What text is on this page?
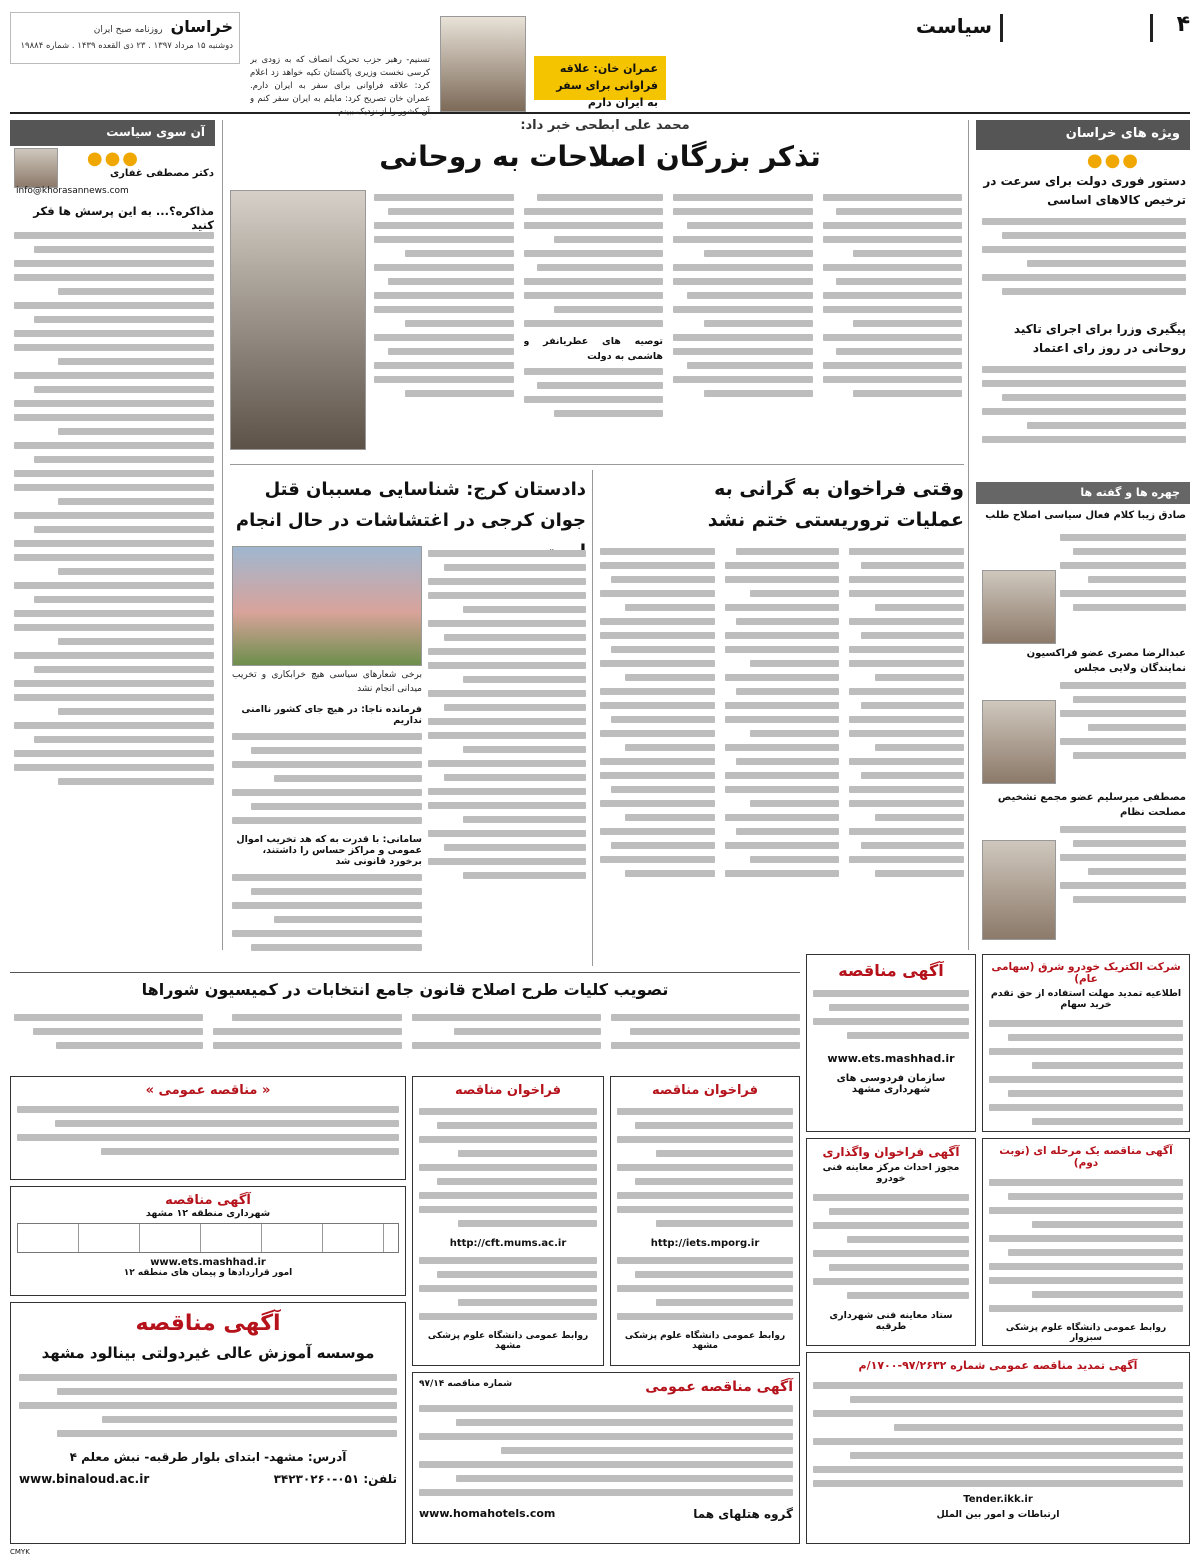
۴
سیاست
خراسان
روزنامه صبح ایران
دوشنبه ۱۵ مرداد ۱۳۹۷ . ۲۳ ذی القعده ۱۴۳۹ . شماره ۱۹۸۸۴
تسنیم- رهبر حزب تحریک انصاف که به زودی بر کرسی نخست وزیری پاکستان تکیه خواهد زد اعلام کرد: علاقه فراوانی برای سفر به ایران دارم. عمران خان تصریح کرد: مایلم به ایران سفر کنم و
عمران خان: علاقه فراوانی برای سفر به ایران دارم
ویژه های خراسان
●●●
دستور فوری دولت برای سرعت در ترخیص کالاهای اساسی
پیگیری وزرا برای اجرای تاکید روحانی در روز رای اعتماد
چهره ها و گفته ها
صادق زیبا کلام فعال سیاسی اصلاح طلب
عبدالرضا مصری عضو فراکسیون نمایندگان ولایی مجلس
مصطفی میرسلیم عضو مجمع تشخیص مصلحت نظام
آن سوی سیاست
●●●
دکتر مصطفی غفاری
info@khorasannews.com
مذاکره؟... به این پرسش ها فکر کنید
محمد علی ابطحی خبر داد:
تذکر بزرگان اصلاحات به روحانی
توصیه های عطریانفر و هاشمی به دولت
وقتی فراخوان به گرانی به عملیات تروریستی ختم نشد
دادستان کرج: شناسایی مسببان قتل جوان کرجی در اغتشاشات در حال انجام
برخی شعارهای سیاسی هیچ خرابکاری و تخریب میدانی انجام نشد
فرمانده ناجا: در هیچ جای کشور ناامنی نداریم
سامانی: با قدرت به که هد تخریب اموال عمومی و مراکز حساس را داشتند، برخورد قانونی شد
تصویب کلیات طرح اصلاح قانون جامع انتخابات در کمیسیون شوراها
آگهی مناقصه
www.ets.mashhad.ir
سازمان فردوسی های شهرداری مشهد
شرکت الکتریک خودرو شرق (سهامی عام)
اطلاعیه تمدید مهلت استفاده از حق تقدم خرید سهام
آگهی فراخوان واگذاری
مجوز احداث مرکز معاینه فنی خودرو
ستاد معاینه فنی شهرداری طرقبه
آگهی مناقصه یک مرحله ای (نوبت دوم)
روابط عمومی دانشگاه علوم پزشکی سبزوار
فراخوان مناقصه
http://iets.mporg.ir
روابط عمومی دانشگاه علوم پزشکی مشهد
فراخوان مناقصه
http://cft.mums.ac.ir
روابط عمومی دانشگاه علوم پزشکی مشهد
« مناقصه عمومی »
آگهی مناقصه
شهرداری منطقه ۱۲ مشهد
www.ets.mashhad.ir
امور قراردادها و پیمان های منطقه ۱۲
آگهی مناقصه
موسسه آموزش عالی غیردولتی بینالود مشهد
آدرس: مشهد- ابتدای بلوار طرقبه- نبش معلم ۴
www.binaloud.ac.ir	تلفن: ۰۵۱-۳۴۲۳۰۲۶۰
آگهی مناقصه عمومی
شماره مناقصه ۹۷/۱۴
گروه هتلهای هما
www.homahotels.com
آگهی تمدید مناقصه عمومی شماره ۹۷/۲۶۳۲-۱۷۰۰/م
Tender.ikk.ir
ارتباطات و امور بین الملل
CMYK
